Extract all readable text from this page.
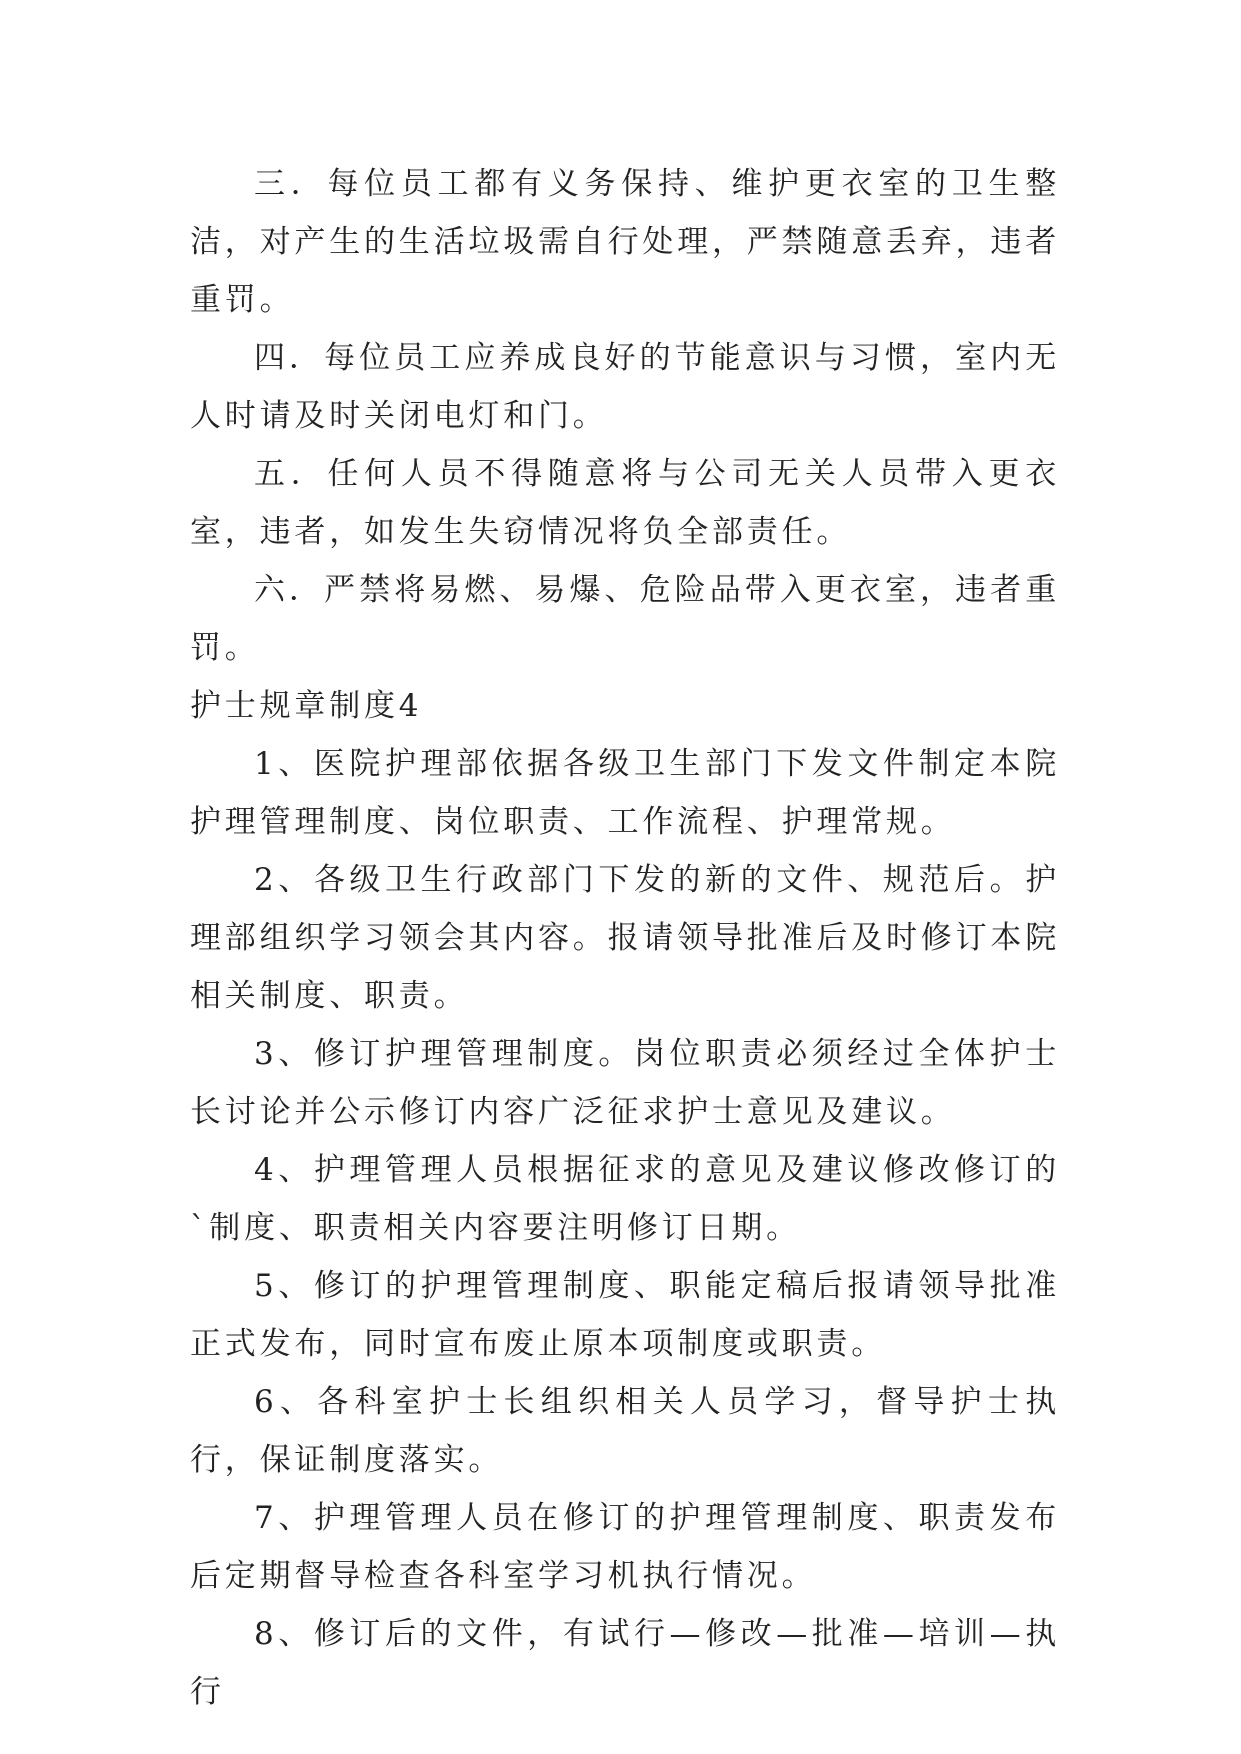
三．每位员工都有义务保持、维护更衣室的卫生整洁，对产生的生活垃圾需自行处理，严禁随意丢弃，违者重罚。

四．每位员工应养成良好的节能意识与习惯，室内无人时请及时关闭电灯和门。

五．任何人员不得随意将与公司无关人员带入更衣室，违者，如发生失窃情况将负全部责任。

六．严禁将易燃、易爆、危险品带入更衣室，违者重罚。

护士规章制度4

1、医院护理部依据各级卫生部门下发文件制定本院护理管理制度、岗位职责、工作流程、护理常规。

2、各级卫生行政部门下发的新的文件、规范后。护理部组织学习领会其内容。报请领导批准后及时修订本院相关制度、职责。

3、修订护理管理制度。岗位职责必须经过全体护士长讨论并公示修订内容广泛征求护士意见及建议。

4、护理管理人员根据征求的意见及建议修改修订的`制度、职责相关内容要注明修订日期。

5、修订的护理管理制度、职能定稿后报请领导批准正式发布，同时宣布废止原本项制度或职责。

6、各科室护士长组织相关人员学习，督导护士执行，保证制度落实。

7、护理管理人员在修订的护理管理制度、职责发布后定期督导检查各科室学习机执行情况。

8、修订后的文件，有试行—修改—批准—培训—执行
